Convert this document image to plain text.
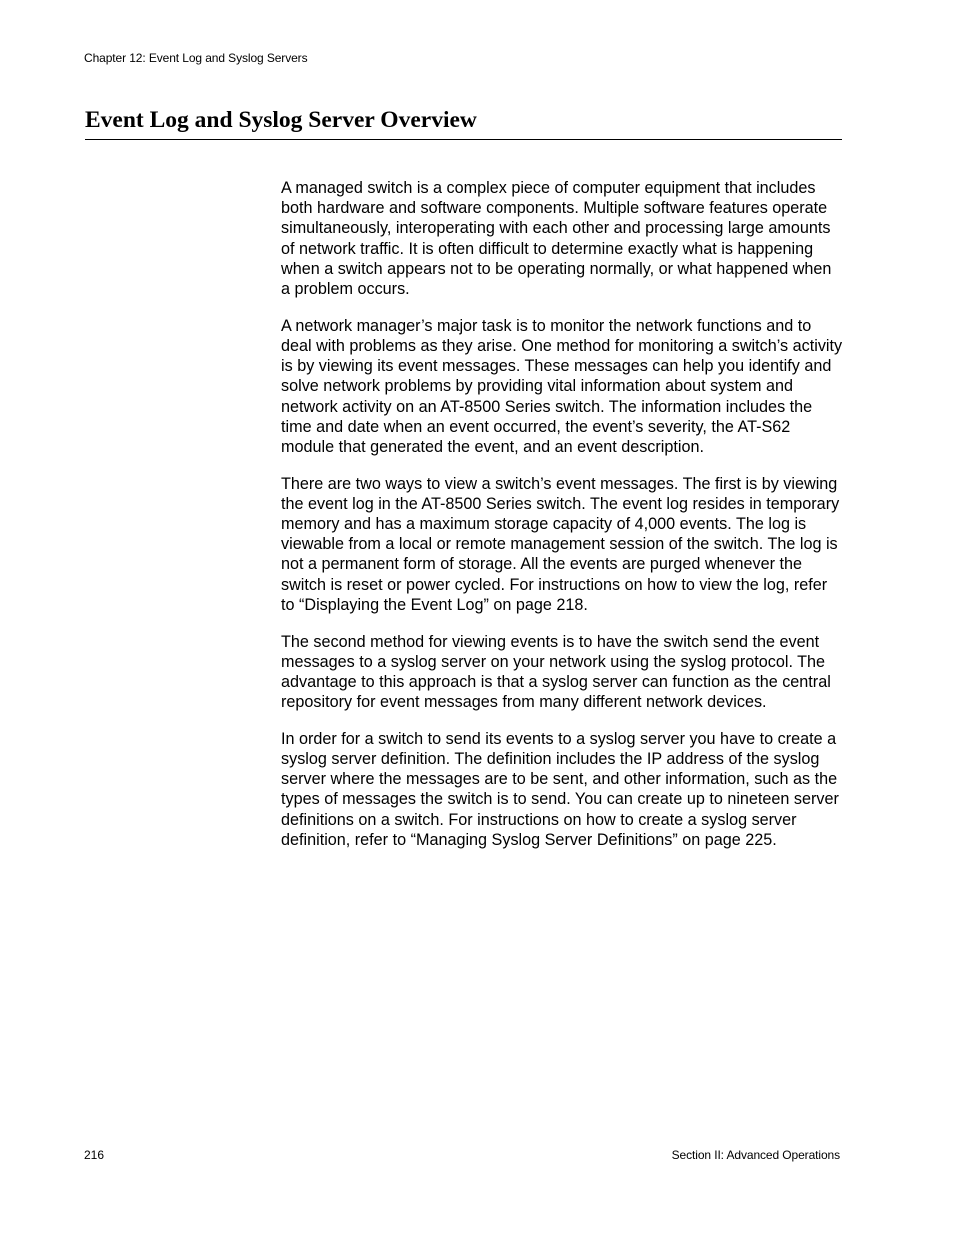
Chapter 12: Event Log and Syslog Servers
Event Log and Syslog Server Overview

A managed switch is a complex piece of computer equipment that includes both hardware and software components. Multiple software features operate simultaneously, interoperating with each other and processing large amounts of network traffic. It is often difficult to determine exactly what is happening when a switch appears not to be operating normally, or what happened when a problem occurs.

A network manager’s major task is to monitor the network functions and to deal with problems as they arise. One method for monitoring a switch’s activity is by viewing its event messages. These messages can help you identify and solve network problems by providing vital information about system and network activity on an AT-8500 Series switch. The information includes the time and date when an event occurred, the event’s severity, the AT-S62 module that generated the event, and an event description.

There are two ways to view a switch’s event messages. The first is by viewing the event log in the AT-8500 Series switch. The event log resides in temporary memory and has a maximum storage capacity of 4,000 events. The log is viewable from a local or remote management session of the switch. The log is not a permanent form of storage. All the events are purged whenever the switch is reset or power cycled. For instructions on how to view the log, refer to “Displaying the Event Log” on page 218.

The second method for viewing events is to have the switch send the event messages to a syslog server on your network using the syslog protocol. The advantage to this approach is that a syslog server can function as the central repository for event messages from many different network devices.

In order for a switch to send its events to a syslog server you have to create a syslog server definition. The definition includes the IP address of the syslog server where the messages are to be sent, and other information, such as the types of messages the switch is to send. You can create up to nineteen server definitions on a switch. For instructions on how to create a syslog server definition, refer to “Managing Syslog Server Definitions” on page 225.

216	Section II: Advanced Operations
